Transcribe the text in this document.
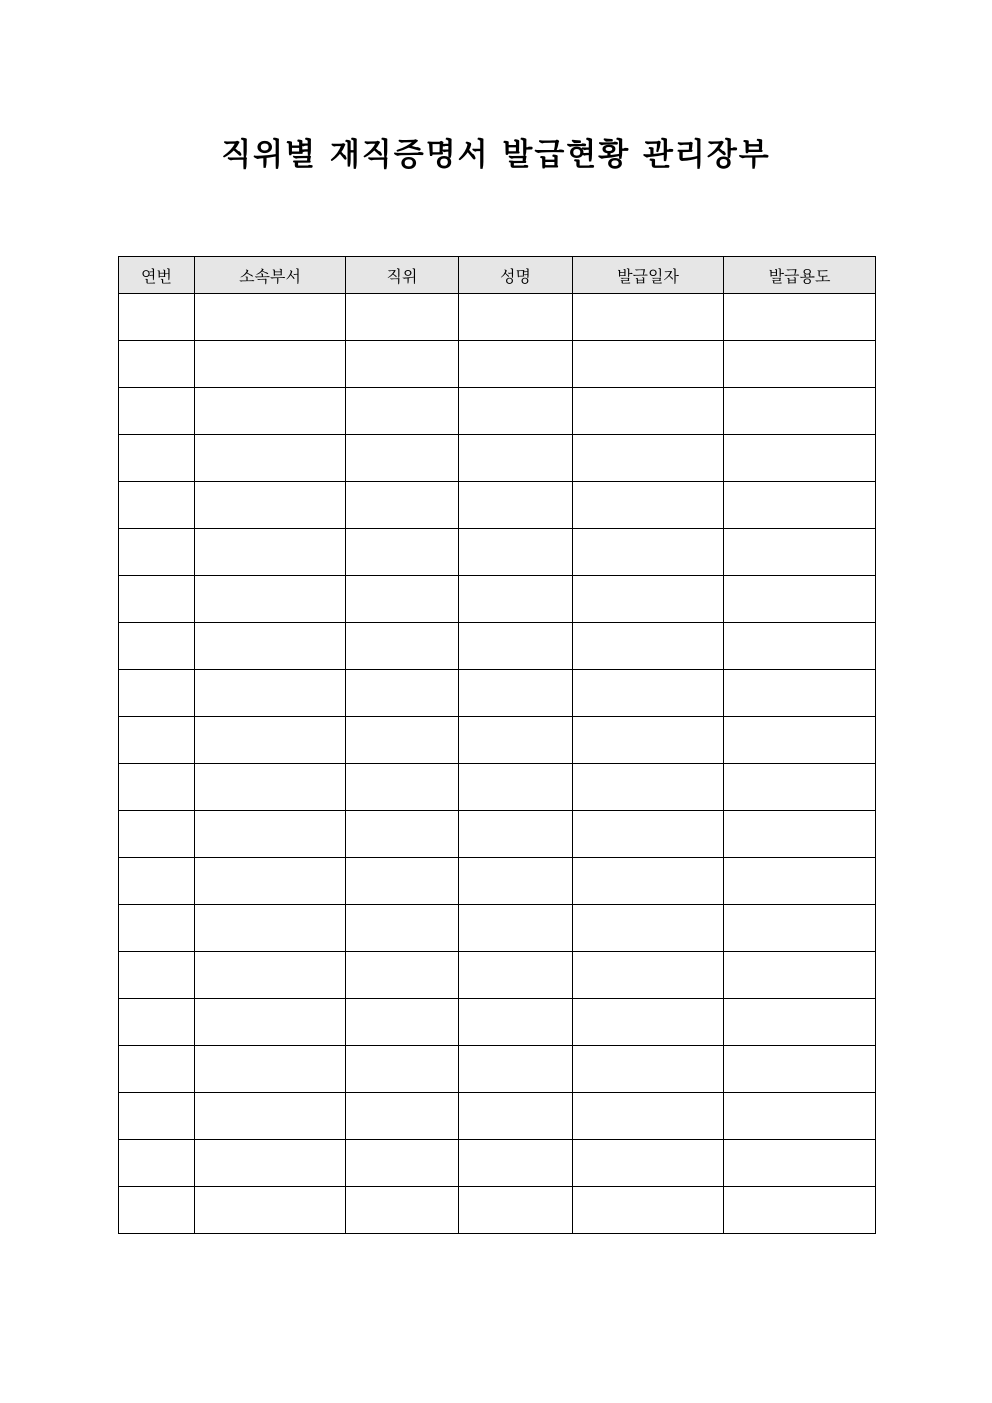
직위별 재직증명서 발급현황 관리장부
연번	소속부서	직위	성명	발급일자	발급용도
